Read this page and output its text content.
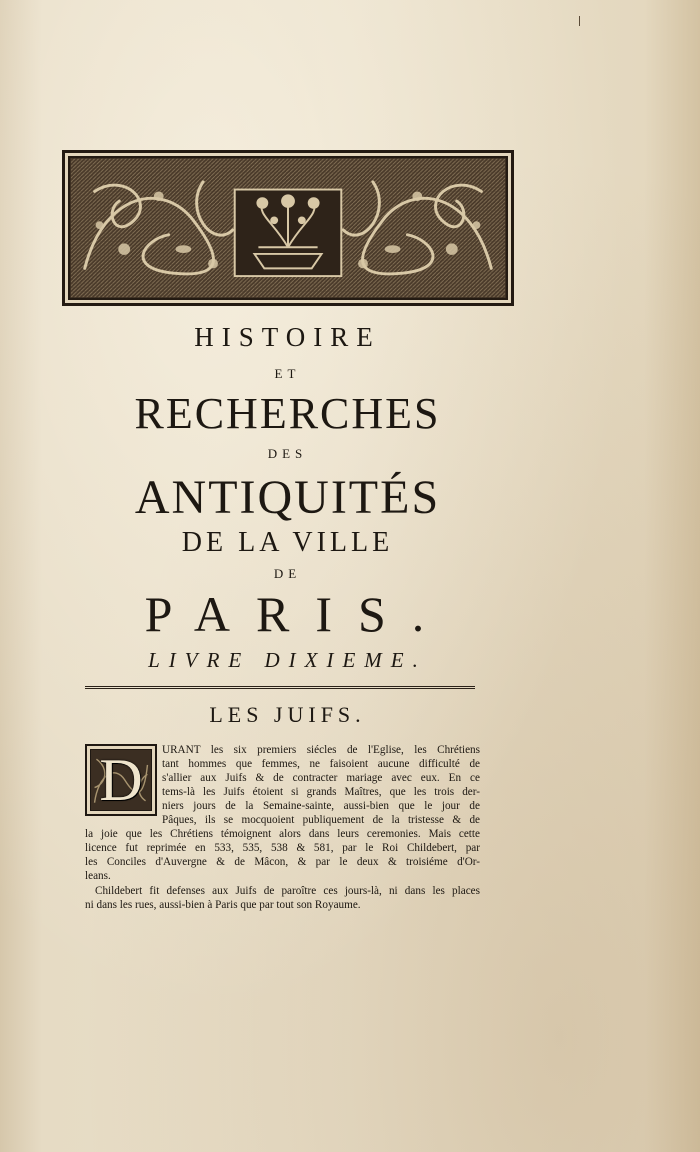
HISTOIRE
ET
RECHERCHES
DES
ANTIQUITÉS
DE LA VILLE
DE
PARIS.
LIVRE DIXIEME.
LES JUIFS.
D	URANT les six premiers siécles de l'Eglise, les Chrétiens
tant hommes que femmes, ne faisoient aucune difficulté de
s'allier aux Juifs & de contracter mariage avec eux. En ce
tems-là les Juifs étoient si grands Maîtres, que les trois der-
niers jours de la Semaine-sainte, aussi-bien que le jour de
Pâques, ils se mocquoient publiquement de la tristesse & de
la joie que les Chrétiens témoignent alors dans leurs ceremonies. Mais cette
licence fut reprimée en 533, 535, 538 & 581, par le Roi Childebert, par
les Conciles d'Auvergne & de Mâcon, & par le deux & troisiéme d'Or-
leans.
Childebert fit defenses aux Juifs de paroître ces jours-là, ni dans les places
ni dans les rues, aussi-bien à Paris que par tout son Royaume.
